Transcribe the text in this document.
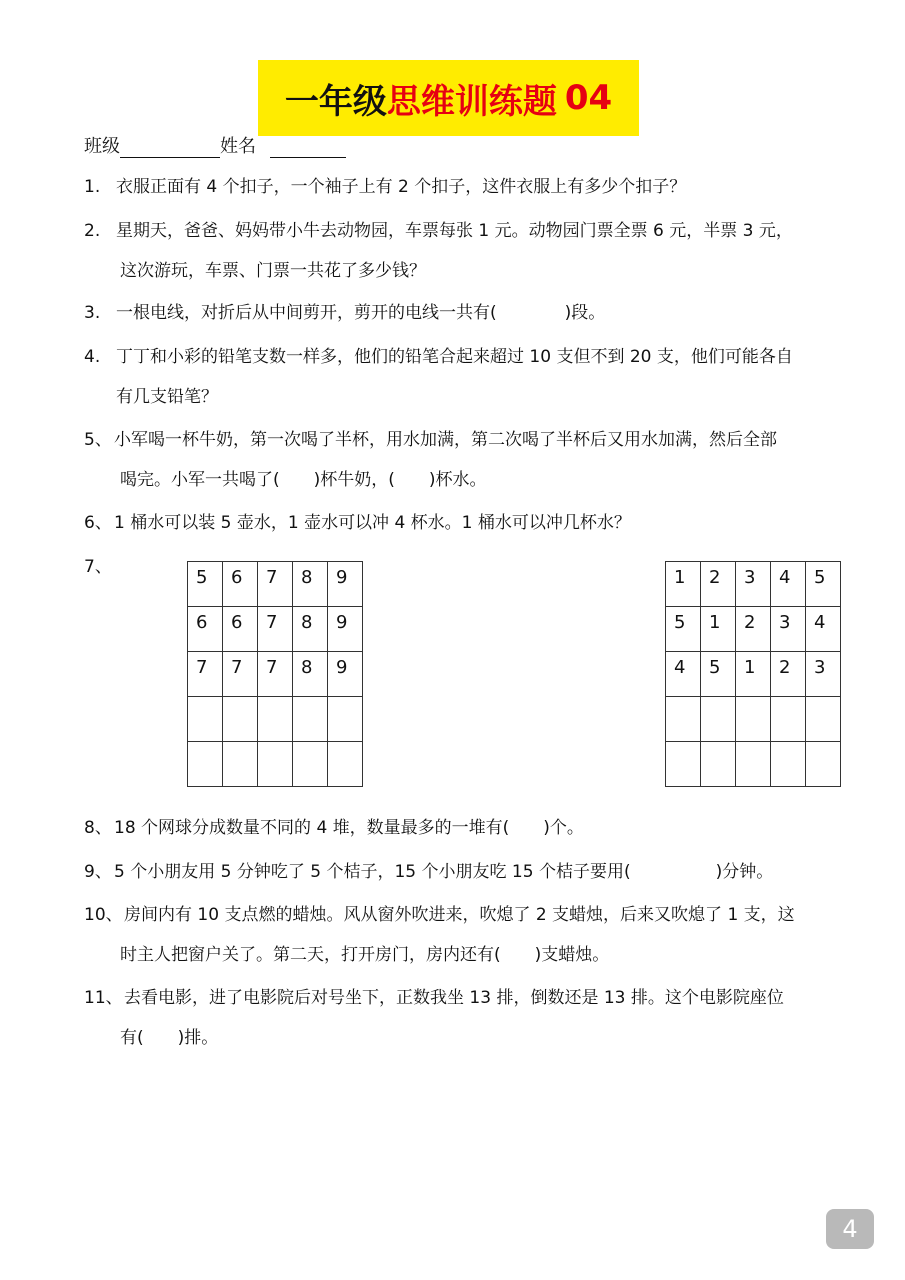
一年级 思维训练题 04
班级	姓名
1. 衣服正面有 4 个扣子，一个袖子上有 2 个扣子，这件衣服上有多少个扣子？
2. 星期天，爸爸、妈妈带小牛去动物园，车票每张 1 元。动物园门票全票 6 元，半票 3 元，
这次游玩，车票、门票一共花了多少钱？
3. 一根电线，对折后从中间剪开，剪开的电线一共有(　　　　)段。
4. 丁丁和小彩的铅笔支数一样多，他们的铅笔合起来超过 10 支但不到 20 支，他们可能各自
有几支铅笔？
5、 小军喝一杯牛奶，第一次喝了半杯，用水加满，第二次喝了半杯后又用水加满，然后全部
喝完。小军一共喝了(　　)杯牛奶，(　　)杯水。
6、 1 桶水可以装 5 壶水，1 壶水可以冲 4 杯水。1 桶水可以冲几杯水？
7、	5	6	7	8	9
6	6	7	8	9
7	7	7	8	9

1	2	3	4	5
5	1	2	3	4
4	5	1	2	3

8、 18 个网球分成数量不同的 4 堆，数量最多的一堆有(　　)个。
9、 5 个小朋友用 5 分钟吃了 5 个桔子，15 个小朋友吃 15 个桔子要用(　　　　　)分钟。
10、 房间内有 10 支点燃的蜡烛。风从窗外吹进来，吹熄了 2 支蜡烛，后来又吹熄了 1 支，这
时主人把窗户关了。第二天，打开房门，房内还有(　　)支蜡烛。
11、 去看电影，进了电影院后对号坐下，正数我坐 13 排，倒数还是 13 排。这个电影院座位
有(　　)排。
4
